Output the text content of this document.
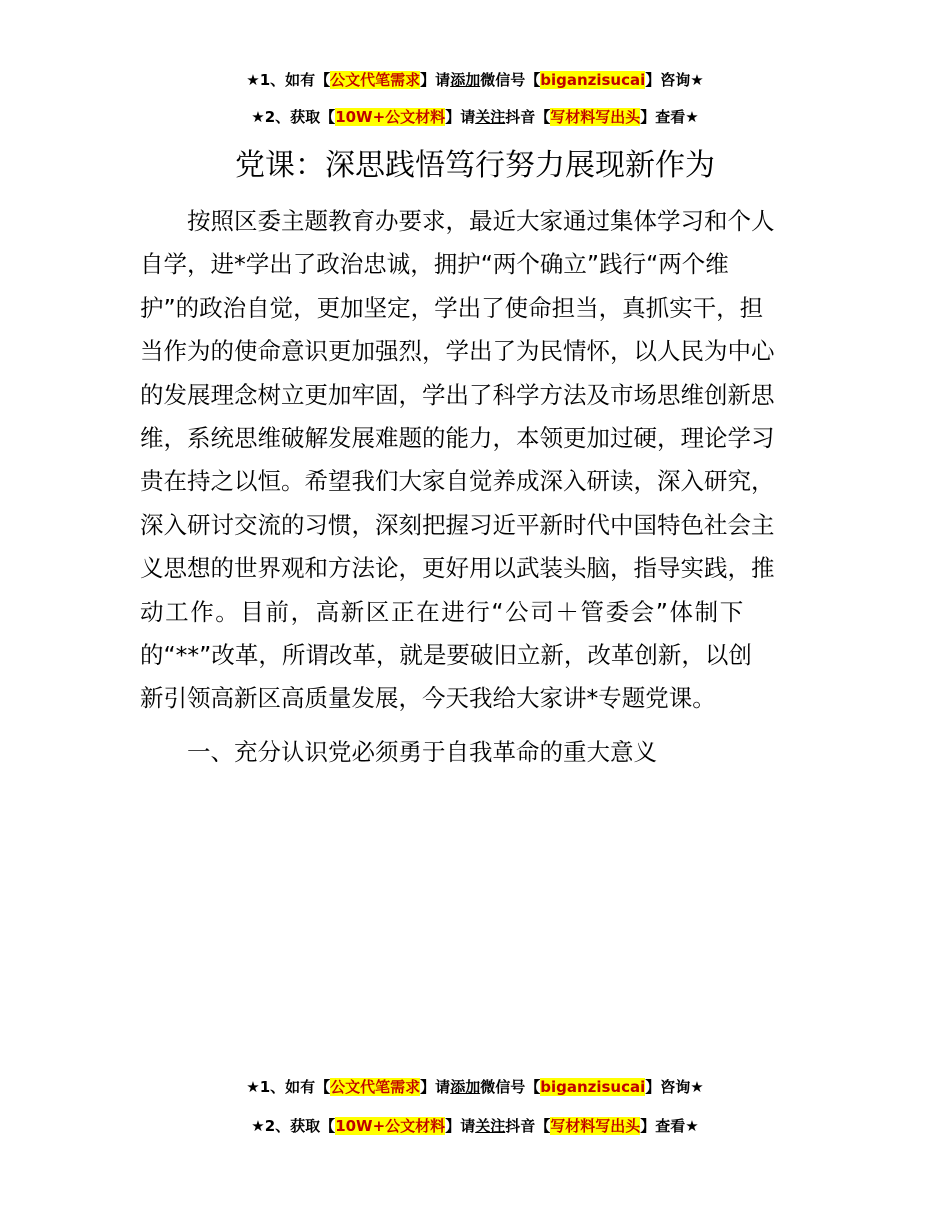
★1、如有【公文代笔需求】请添加微信号【biganzisucai】咨询★
★2、获取【10W+公文材料】请关注抖音【写材料写出头】查看★
党课：深思践悟笃行努力展现新作为

按照区委主题教育办要求，最近大家通过集体学习和个人
自学，进*学出了政治忠诚，拥护“两个确立”践行“两个维
护”的政治自觉，更加坚定，学出了使命担当，真抓实干，担
当作为的使命意识更加强烈，学出了为民情怀，以人民为中心
的发展理念树立更加牢固，学出了科学方法及市场思维创新思
维，系统思维破解发展难题的能力，本领更加过硬，理论学习
贵在持之以恒。希望我们大家自觉养成深入研读，深入研究，
深入研讨交流的习惯，深刻把握习近平新时代中国特色社会主
义思想的世界观和方法论，更好用以武装头脑，指导实践，推
动工作。目前，高新区正在进行“公司＋管委会”体制下
的“**”改革，所谓改革，就是要破旧立新，改革创新，以创
新引领高新区高质量发展，今天我给大家讲*专题党课。

一、充分认识党必须勇于自我革命的重大意义
★1、如有【公文代笔需求】请添加微信号【biganzisucai】咨询★
★2、获取【10W+公文材料】请关注抖音【写材料写出头】查看★
